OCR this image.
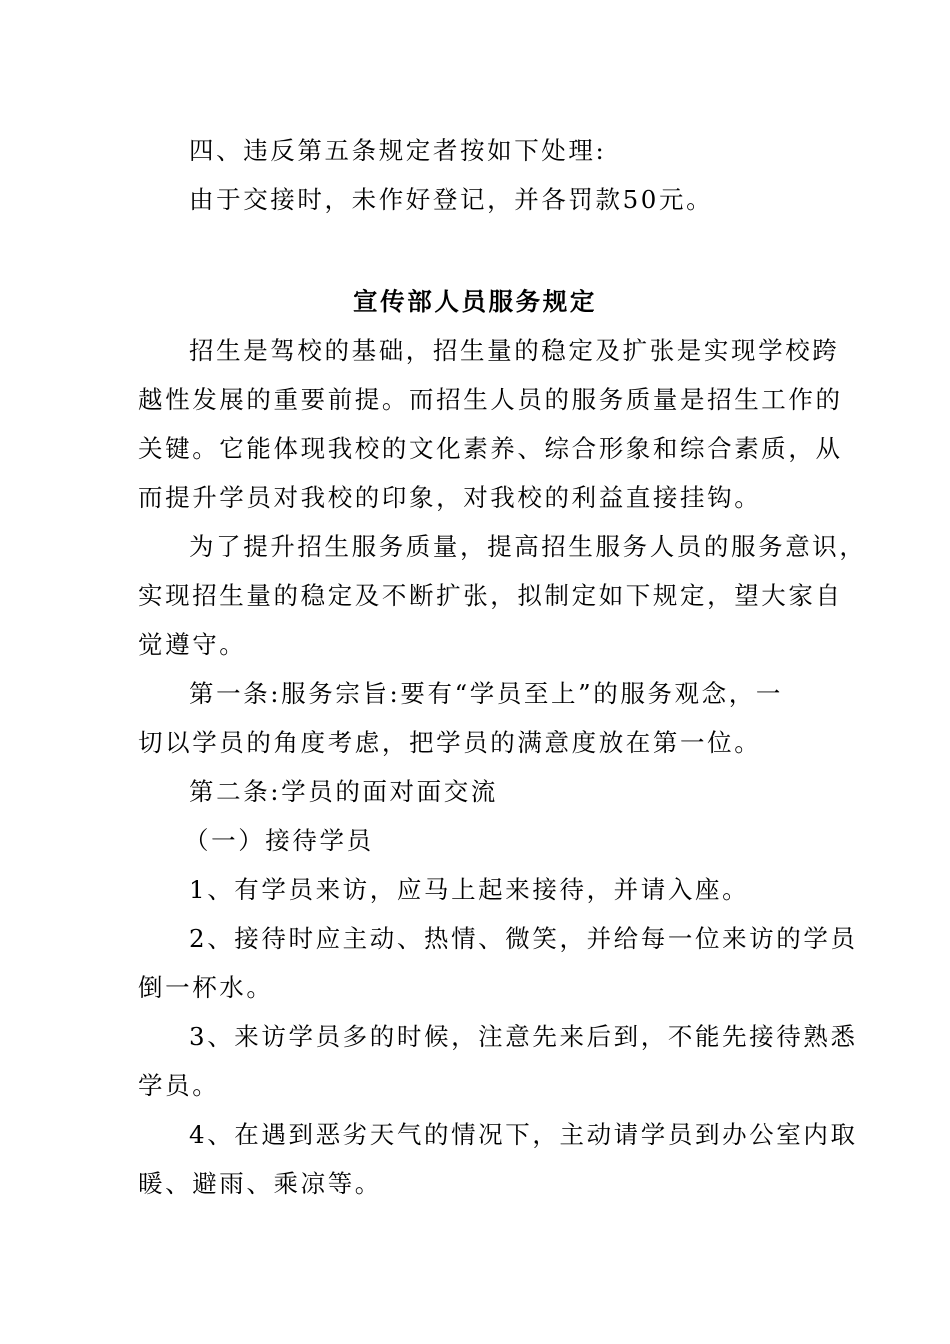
四、违反第五条规定者按如下处理:

由于交接时，未作好登记，并各罚款50元。

宣传部人员服务规定

招生是驾校的基础，招生量的稳定及扩张是实现学校跨

越性发展的重要前提。而招生人员的服务质量是招生工作的

关键。它能体现我校的文化素养、综合形象和综合素质，从

而提升学员对我校的印象，对我校的利益直接挂钩。

为了提升招生服务质量，提高招生服务人员的服务意识，

实现招生量的稳定及不断扩张，拟制定如下规定，望大家自

觉遵守。

第一条:服务宗旨:要有“学员至上”的服务观念，一

切以学员的角度考虑，把学员的满意度放在第一位。

第二条:学员的面对面交流

（一）接待学员

1、有学员来访，应马上起来接待，并请入座。

2、接待时应主动、热情、微笑，并给每一位来访的学员

倒一杯水。

3、来访学员多的时候，注意先来后到，不能先接待熟悉

学员。

4、在遇到恶劣天气的情况下，主动请学员到办公室内取

暖、避雨、乘凉等。
